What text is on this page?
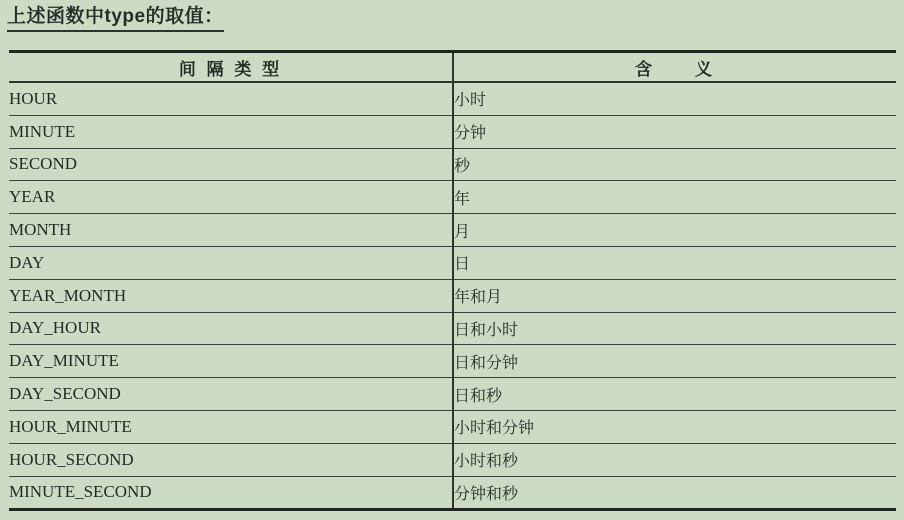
上述函数中type的取值：
间 隔 类 型	含　　义
HOUR	小时
MINUTE	分钟
SECOND	秒
YEAR	年
MONTH	月
DAY	日
YEAR_MONTH	年和月
DAY_HOUR	日和小时
DAY_MINUTE	日和分钟
DAY_SECOND	日和秒
HOUR_MINUTE	小时和分钟
HOUR_SECOND	小时和秒
MINUTE_SECOND	分钟和秒
